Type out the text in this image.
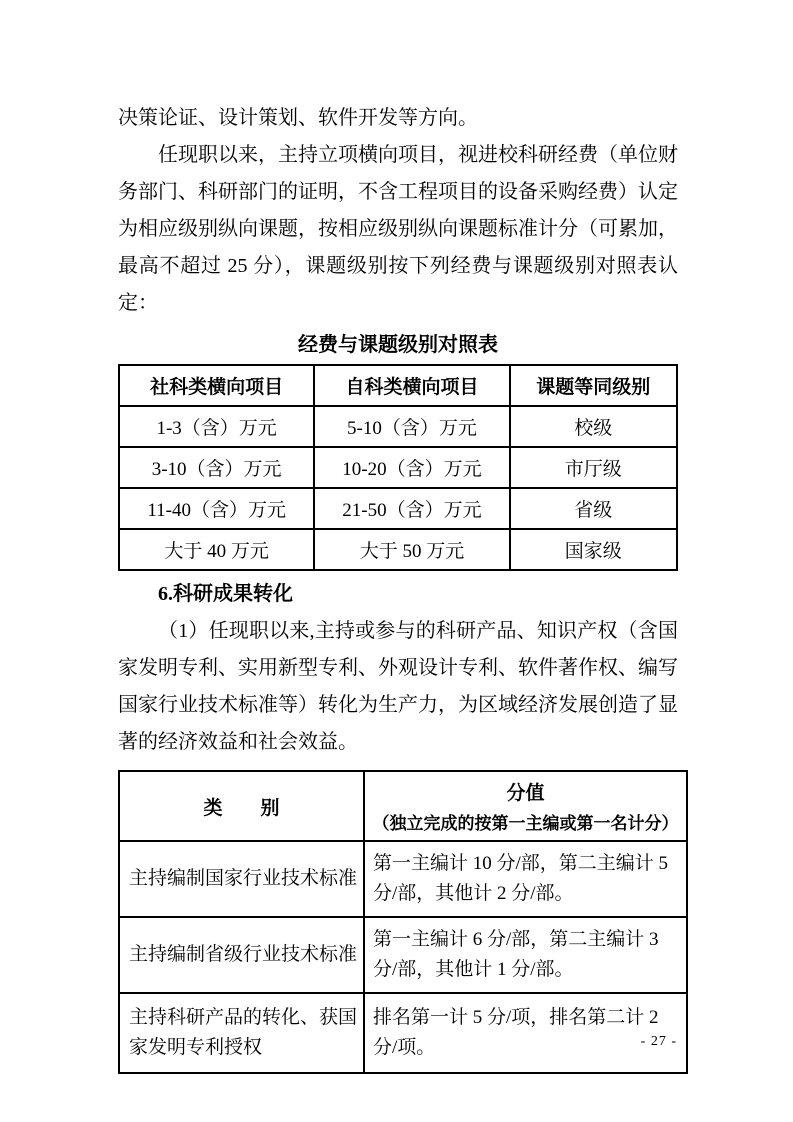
决策论证、设计策划、软件开发等方向。

任现职以来，主持立项横向项目，视进校科研经费（单位财务部门、科研部门的证明，不含工程项目的设备采购经费）认定为相应级别纵向课题，按相应级别纵向课题标准计分（可累加，最高不超过 25 分），课题级别按下列经费与课题级别对照表认定：

经费与课题级别对照表
社科类横向项目	自科类横向项目	课题等同级别
1-3（含）万元	5-10（含）万元	校级
3-10（含）万元	10-20（含）万元	市厅级
11-40（含）万元	21-50（含）万元	省级
大于 40 万元	大于 50 万元	国家级
6.科研成果转化

（1）任现职以来,主持或参与的科研产品、知识产权（含国家发明专利、实用新型专利、外观设计专利、软件著作权、编写国家行业技术标准等）转化为生产力，为区域经济发展创造了显著的经济效益和社会效益。

类　　别	分值
（独立完成的按第一主编或第一名计分）

主持编制国家行业技术标准	第一主编计 10 分/部，第二主编计 5 分/部，其他计 2 分/部。
主持编制省级行业技术标准	第一主编计 6 分/部，第二主编计 3 分/部，其他计 1 分/部。
主持科研产品的转化、获国家发明专利授权	排名第一计 5 分/项，排名第二计 2 分/项。	- 27 -
